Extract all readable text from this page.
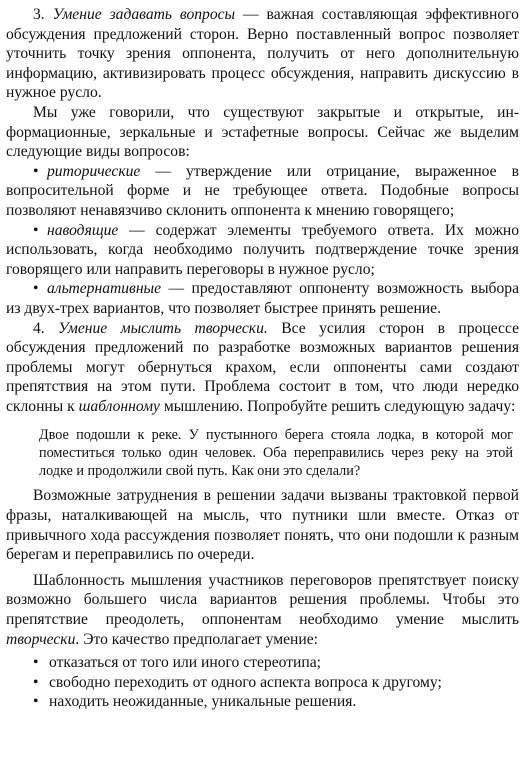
3. Умение задавать вопросы — важная составляющая эффективного обсуждения предложений сторон. Верно поставленный вопрос позволяет уточнить точку зрения оппонента, получить от него дополнительную информацию, активизировать процесс обсуждения, направить дискуссию в нужное русло.

Мы уже говорили, что существуют закрытые и открытые, информационные, зеркальные и эстафетные вопросы. Сейчас же выделим следующие виды вопросов:

• риторические — утверждение или отрицание, выраженное в вопросительной форме и не требующее ответа. Подобные вопросы позволяют ненавязчиво склонить оппонента к мнению говорящего;

• наводящие — содержат элементы требуемого ответа. Их можно использовать, когда необходимо получить подтверждение точке зрения говорящего или направить переговоры в нужное русло;

• альтернативные — предоставляют оппоненту возможность выбора из двух-трех вариантов, что позволяет быстрее принять решение.

4. Умение мыслить творчески. Все усилия сторон в процессе обсуждения предложений по разработке возможных вариантов решения проблемы могут обернуться крахом, если оппоненты сами создают препятствия на этом пути. Проблема состоит в том, что люди нередко склонны к шаблонному мышлению. Попробуйте решить следующую задачу:

Двое подошли к реке. У пустынного берега стояла лодка, в которой мог поместиться только один человек. Оба переправились через реку на этой лодке и продолжили свой путь. Как они это сделали?

Возможные затруднения в решении задачи вызваны трактовкой первой фразы, наталкивающей на мысль, что путники шли вместе. Отказ от привычного хода рассуждения позволяет понять, что они подошли к разным берегам и переправились по очереди.

Шаблонность мышления участников переговоров препятствует поиску возможно большего числа вариантов решения проблемы. Чтобы это препятствие преодолеть, оппонентам необходимо умение мыслить творчески. Это качество предполагает умение:

• отказаться от того или иного стереотипа;

• свободно переходить от одного аспекта вопроса к другому;

• находить неожиданные, уникальные решения.
